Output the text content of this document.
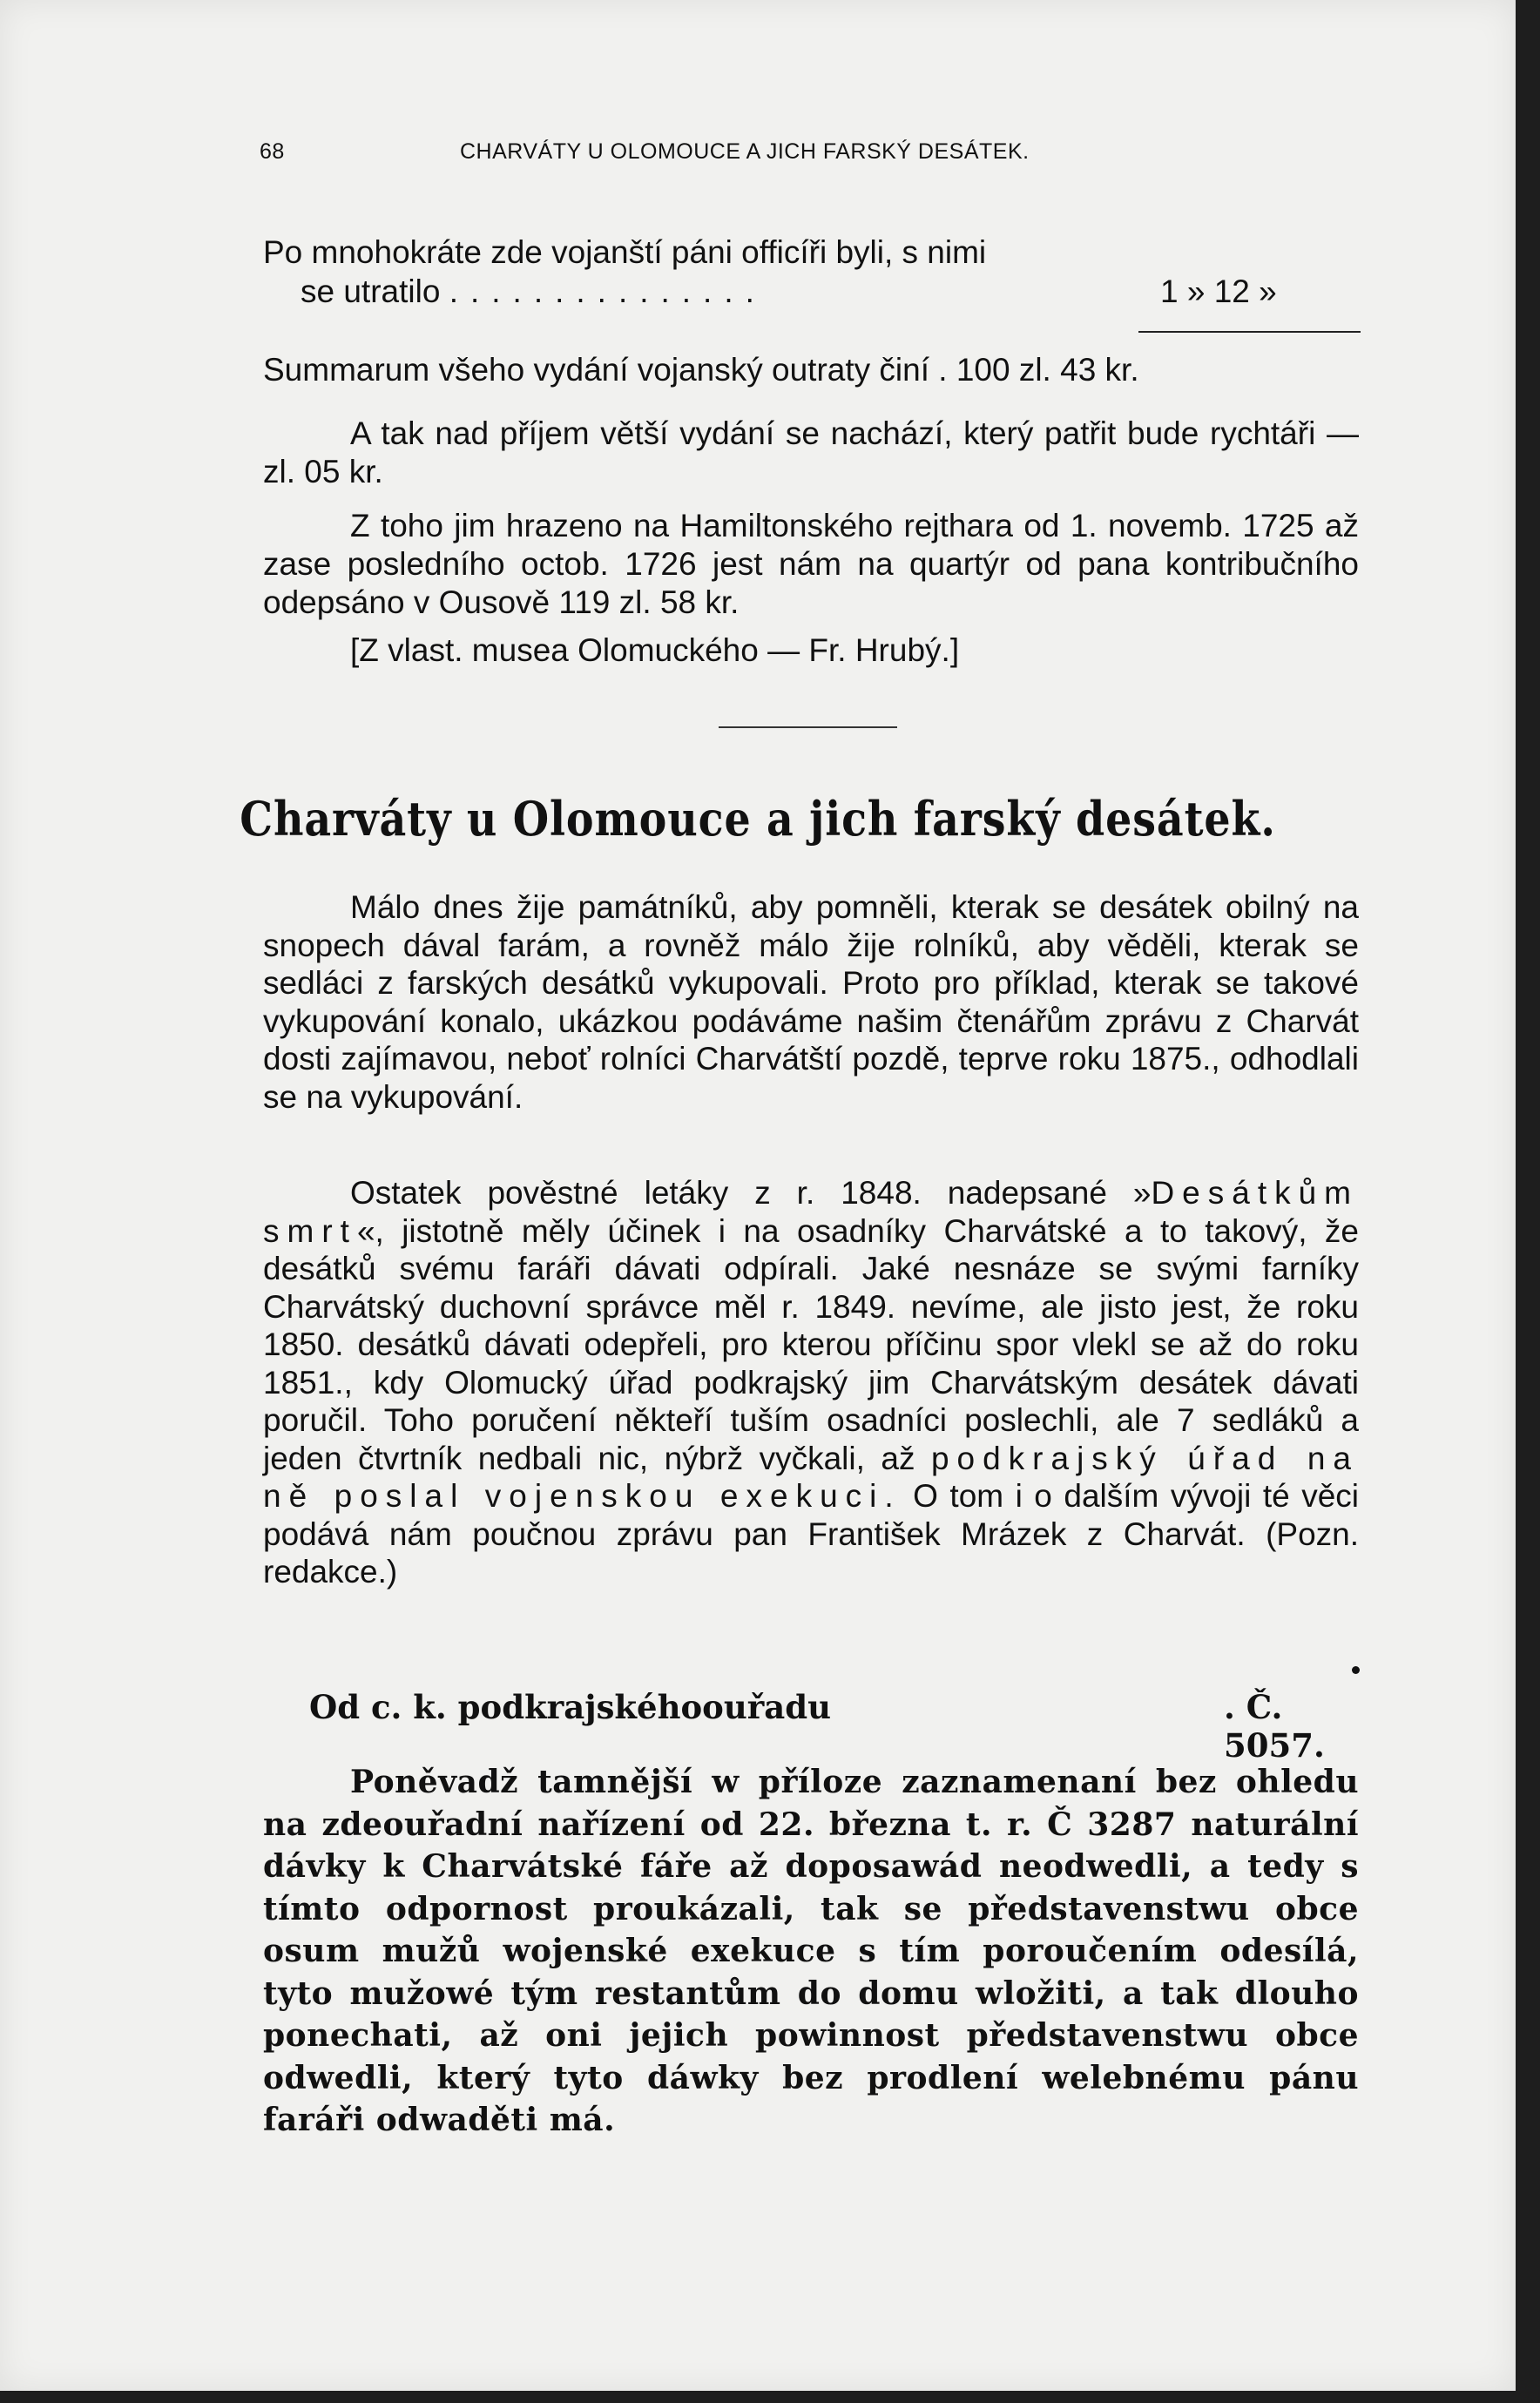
68	CHARVÁTY U OLOMOUCE A JICH FARSKÝ DESÁTEK.
Po mnohokráte zde vojanští páni officíři byli, s nimi
se utratilo ...............	1 » 12 »
Summarum všeho vydání vojanský outraty činí . 100 zl. 43 kr.
A tak nad příjem větší vydání se nachází, který patřit bude rychtáři — zl. 05 kr.
Z toho jim hrazeno na Hamiltonského rejthara od 1. novemb. 1725 až zase posledního octob. 1726 jest nám na quartýr od pana kontribučního odepsáno v Ousově 119 zl. 58 kr.
[Z vlast. musea Olomuckého — Fr. Hrubý.]
Charváty u Olomouce a jich farský desátek.
Málo dnes žije památníků, aby pomněli, kterak se desátek obilný na snopech dával farám, a rovněž málo žije rolníků, aby věděli, kterak se sedláci z farských desátků vykupovali. Proto pro příklad, kterak se takové vykupování konalo, ukázkou podáváme našim čtenářům zprávu z Charvát dosti zajímavou, neboť rolníci Charvátští pozdě, teprve roku 1875., odhodlali se na vykupování.
Ostatek pověstné letáky z r. 1848. nadepsané »Desátkům smrt«, jistotně měly účinek i na osadníky Charvátské a to takový, že desátků svému faráři dávati odpírali. Jaké nesnáze se svými farníky Charvátský duchovní správce měl r. 1849. nevíme, ale jisto jest, že roku 1850. desátků dávati odepřeli, pro kterou příčinu spor vlekl se až do roku 1851., kdy Olomucký úřad podkrajský jim Charvátským desátek dávati poručil. Toho poručení někteří tuším osadníci poslechli, ale 7 sedláků a jeden čtvrtník nedbali nic, nýbrž vyčkali, až podkrajský úřad na ně poslal vojenskou exekuci. O tom i o dalším vývoji té věci podává nám poučnou zprávu pan František Mrázek z Charvát. (Pozn. redakce.)
Od c. k. podkrajskéhoouřadu	. Č. 5057.
Poněvadž tamnější w příloze zaznamenaní bez ohledu na zdeouřadní nařízení od 22. března t. r. Č 3287 naturální dávky k Charvátské fáře až doposawád neodwedli, a tedy s tímto odpornost prouká​zali, tak se představenstwu obce osum mužů wojenské exekuce s tím poroučením odesílá, tyto mužowé tým restantům do domu wložiti, a tak dlouho ponechati, až oni jejich powinnost představenstwu obce odwedli, který tyto dáwky bez prodlení welebnému pánu faráři odwaděti má.
